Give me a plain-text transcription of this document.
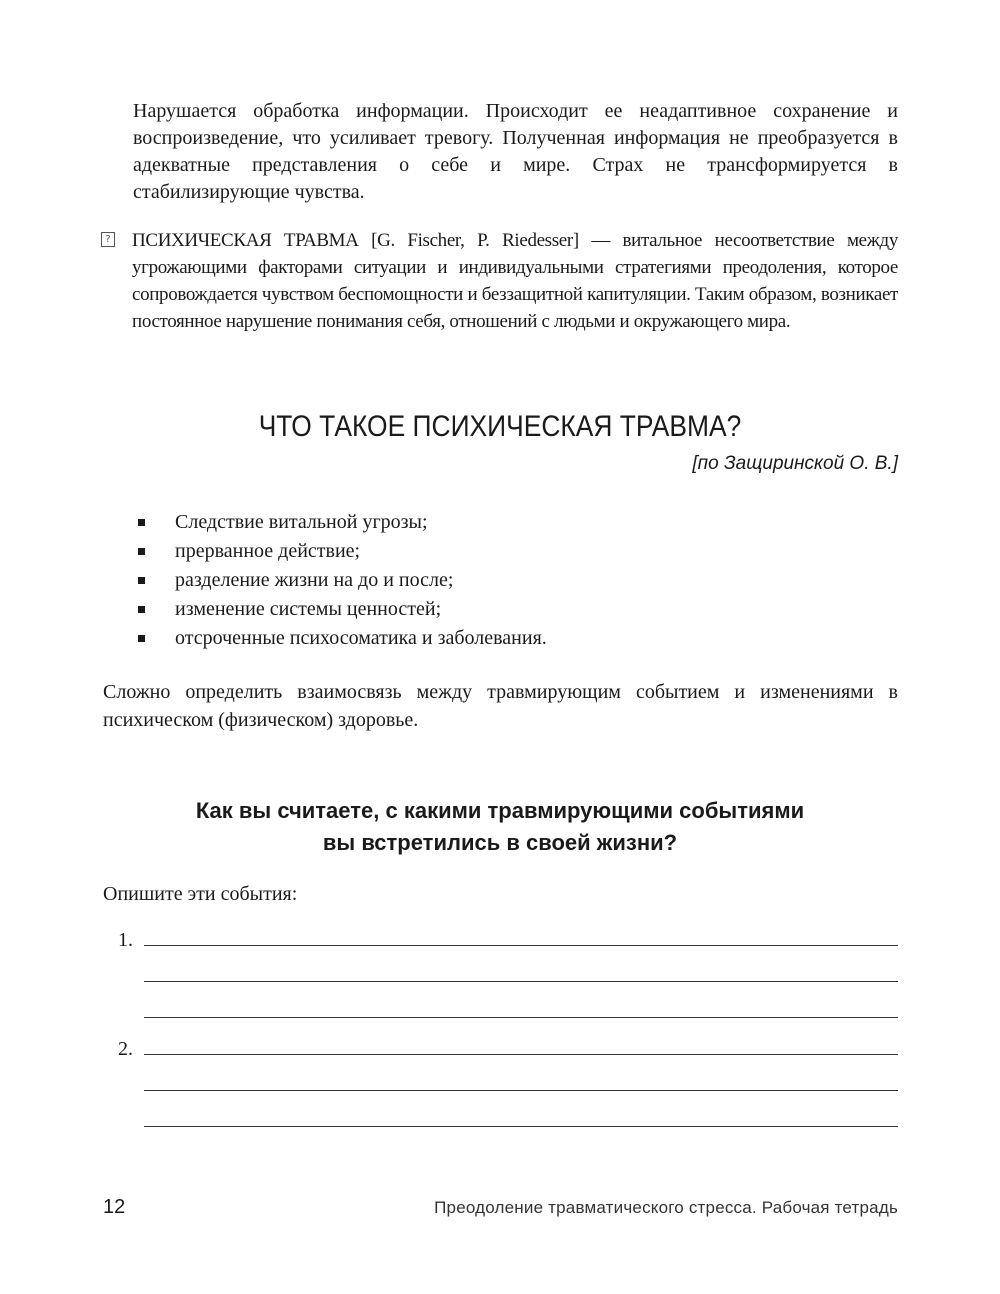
Нарушается обработка информации. Происходит ее неадаптивное сохранение и воспроизведение, что усиливает тревогу. Полученная информация не преобразуется в адекватные представления о себе и мире. Страх не трансформируется в стабилизирующие чувства.

? ПСИХИЧЕСКАЯ ТРАВМА [G. Fischer, P. Riedesser] — витальное несоответствие между угрожающими факторами ситуации и индивидуальными стратегиями преодоления, которое сопровождается чувством беспомощности и беззащитной капитуляции. Таким образом, возникает постоянное нарушение понимания себя, отношений с людьми и окружающего мира.

ЧТО ТАКОЕ ПСИХИЧЕСКАЯ ТРАВМА?

[по Защиринской О. В.]

Следствие витальной угрозы;
прерванное действие;
разделение жизни на до и после;
изменение системы ценностей;
отсроченные психосоматика и заболевания.

Сложно определить взаимосвязь между травмирующим событием и изменениями в психическом (физическом) здоровье.

Как вы считаете, с какими травмирующими событиями
вы встретились в своей жизни?

Опишите эти события:

1.
2.
12	Преодоление травматического стресса. Рабочая тетрадь
